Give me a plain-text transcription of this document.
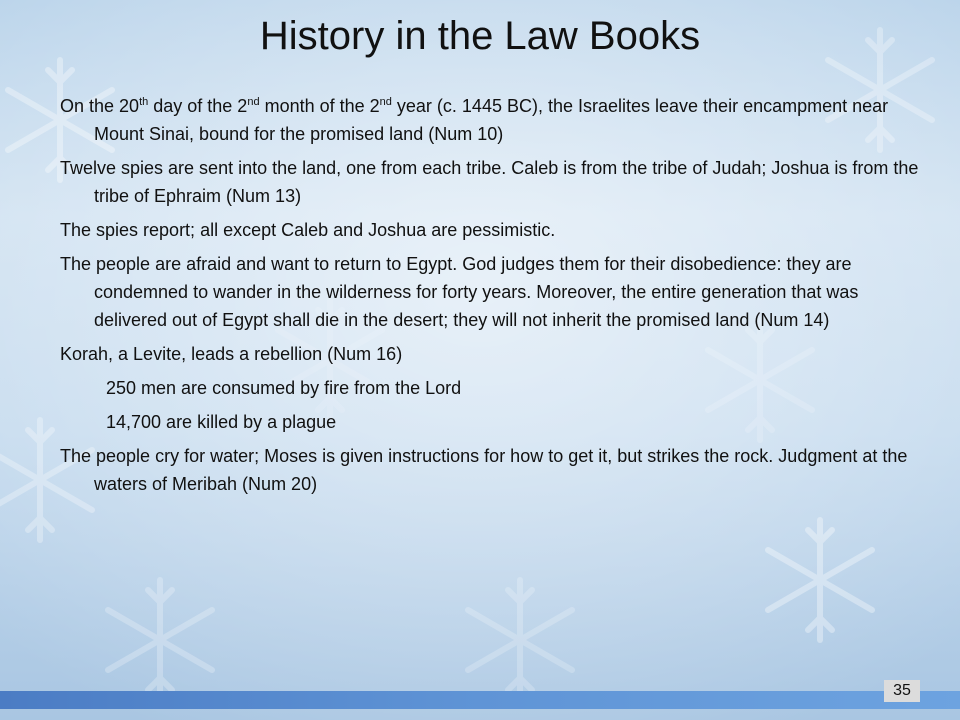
History in the Law Books

On the 20th day of the 2nd month of the 2nd year (c. 1445 BC), the Israelites leave their encampment near Mount Sinai, bound for the promised land (Num 10)

Twelve spies are sent into the land, one from each tribe. Caleb is from the tribe of Judah; Joshua is from the tribe of Ephraim (Num 13)

The spies report; all except Caleb and Joshua are pessimistic.

The people are afraid and want to return to Egypt. God judges them for their disobedience: they are condemned to wander in the wilderness for forty years. Moreover, the entire generation that was delivered out of Egypt shall die in the desert; they will not inherit the promised land (Num 14)

Korah, a Levite, leads a rebellion (Num 16)

250 men are consumed by fire from the Lord

14,700 are killed by a plague

The people cry for water; Moses is given instructions for how to get it, but strikes the rock. Judgment at the waters of Meribah (Num 20)

35
